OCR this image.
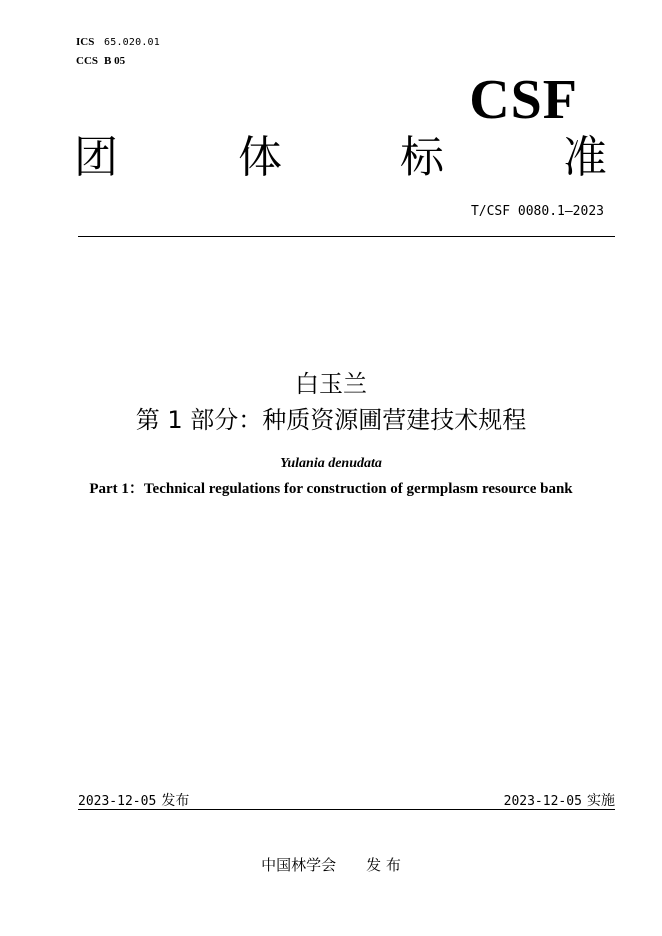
ICS 65.020.01
CCS B 05
CSF
团	体	标	准
T/CSF 0080.1—2023
白玉兰
第 1 部分：种质资源圃营建技术规程
Yulania denudata
Part 1：Technical regulations for construction of germplasm resource bank
2023-12-05 发布	2023-12-05 实施
中国林学会 发 布
